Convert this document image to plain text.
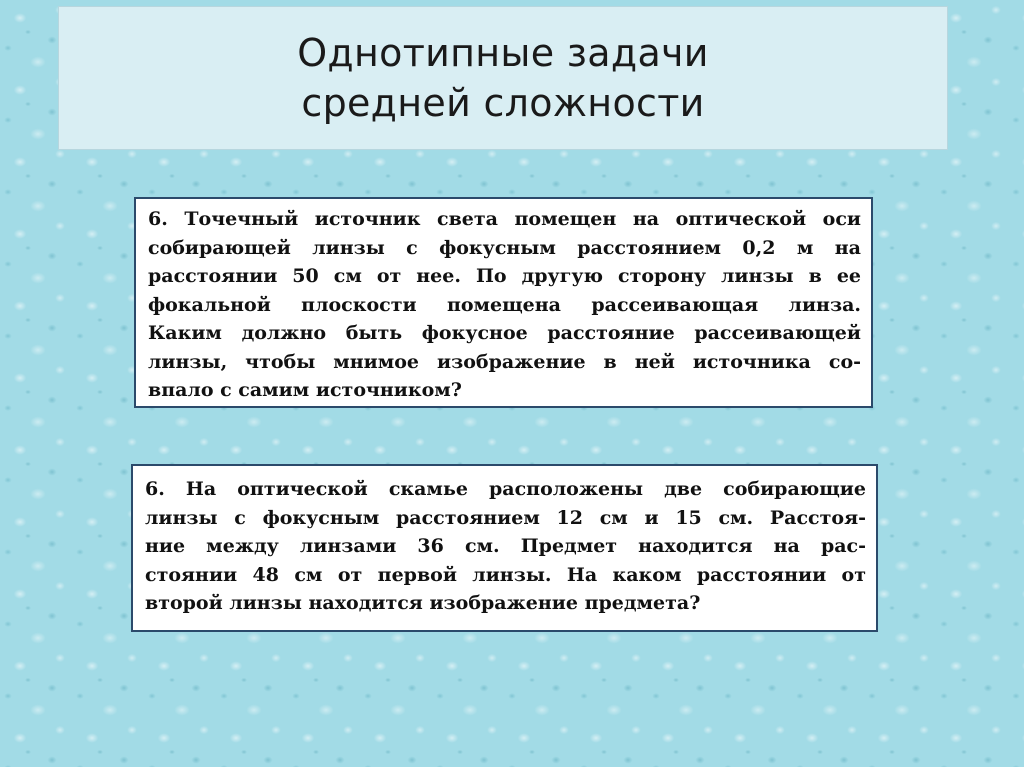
Однотипные задачи
средней сложности
6. Точечный источник света помещен на оптической оси
собирающей линзы с фокусным расстоянием 0,2 м на
расстоянии 50 см от нее. По другую сторону линзы в ее
фокальной плоскости помещена рассеивающая линза.
Каким должно быть фокусное расстояние рассеивающей
линзы, чтобы мнимое изображение в ней источника со-
впало с самим источником?
6. На оптической скамье расположены две собирающие
линзы с фокусным расстоянием 12 см и 15 см. Расстоя-
ние между линзами 36 см. Предмет находится на рас-
стоянии 48 см от первой линзы. На каком расстоянии от
второй линзы находится изображение предмета?
